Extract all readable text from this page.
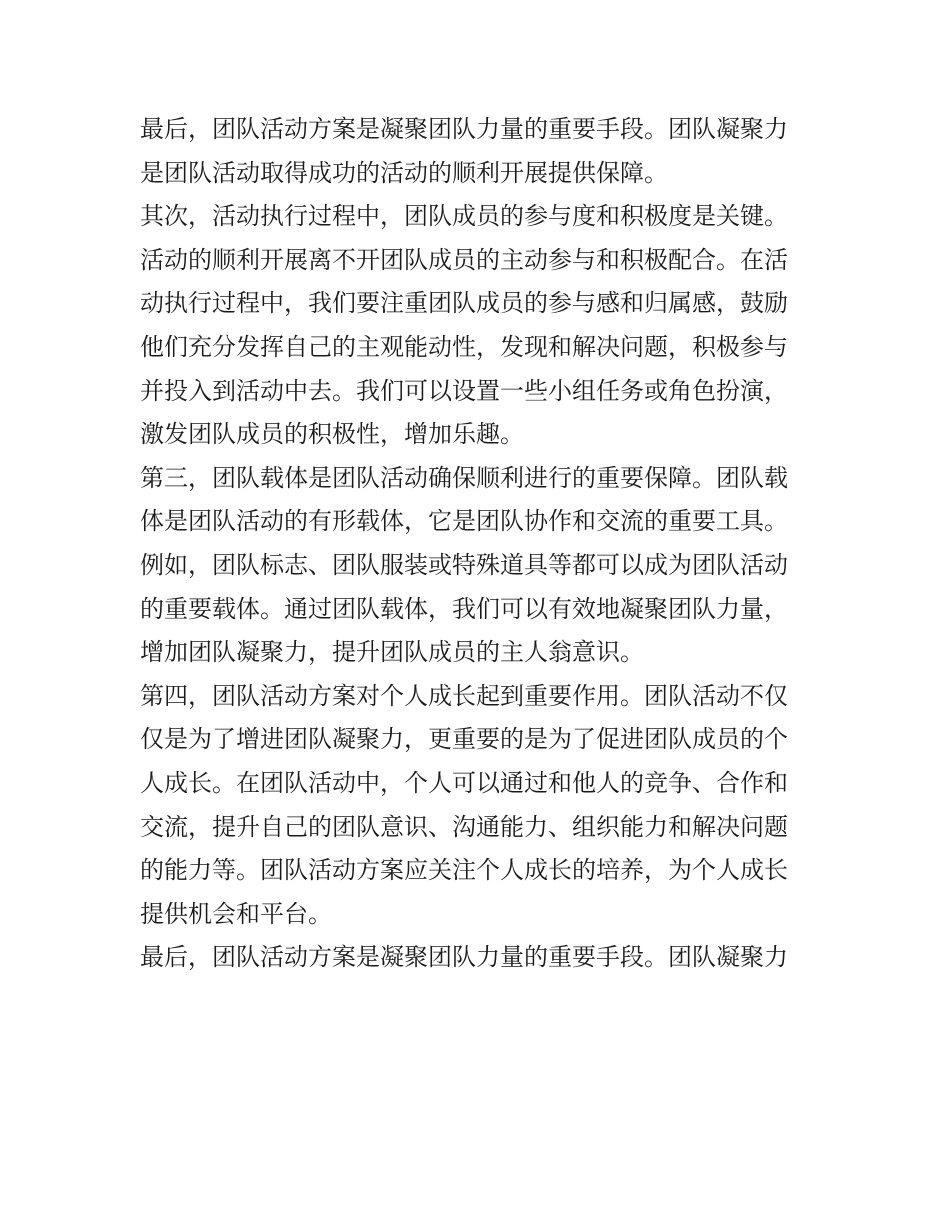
最后，团队活动方案是凝聚团队力量的重要手段。团队凝聚力
是团队活动取得成功的活动的顺利开展提供保障。
其次，活动执行过程中，团队成员的参与度和积极度是关键。
活动的顺利开展离不开团队成员的主动参与和积极配合。在活
动执行过程中，我们要注重团队成员的参与感和归属感，鼓励
他们充分发挥自己的主观能动性，发现和解决问题，积极参与
并投入到活动中去。我们可以设置一些小组任务或角色扮演，
激发团队成员的积极性，增加乐趣。
第三，团队载体是团队活动确保顺利进行的重要保障。团队载
体是团队活动的有形载体，它是团队协作和交流的重要工具。
例如，团队标志、团队服装或特殊道具等都可以成为团队活动
的重要载体。通过团队载体，我们可以有效地凝聚团队力量，
增加团队凝聚力，提升团队成员的主人翁意识。
第四，团队活动方案对个人成长起到重要作用。团队活动不仅
仅是为了增进团队凝聚力，更重要的是为了促进团队成员的个
人成长。在团队活动中，个人可以通过和他人的竞争、合作和
交流，提升自己的团队意识、沟通能力、组织能力和解决问题
的能力等。团队活动方案应关注个人成长的培养，为个人成长
提供机会和平台。
最后，团队活动方案是凝聚团队力量的重要手段。团队凝聚力
